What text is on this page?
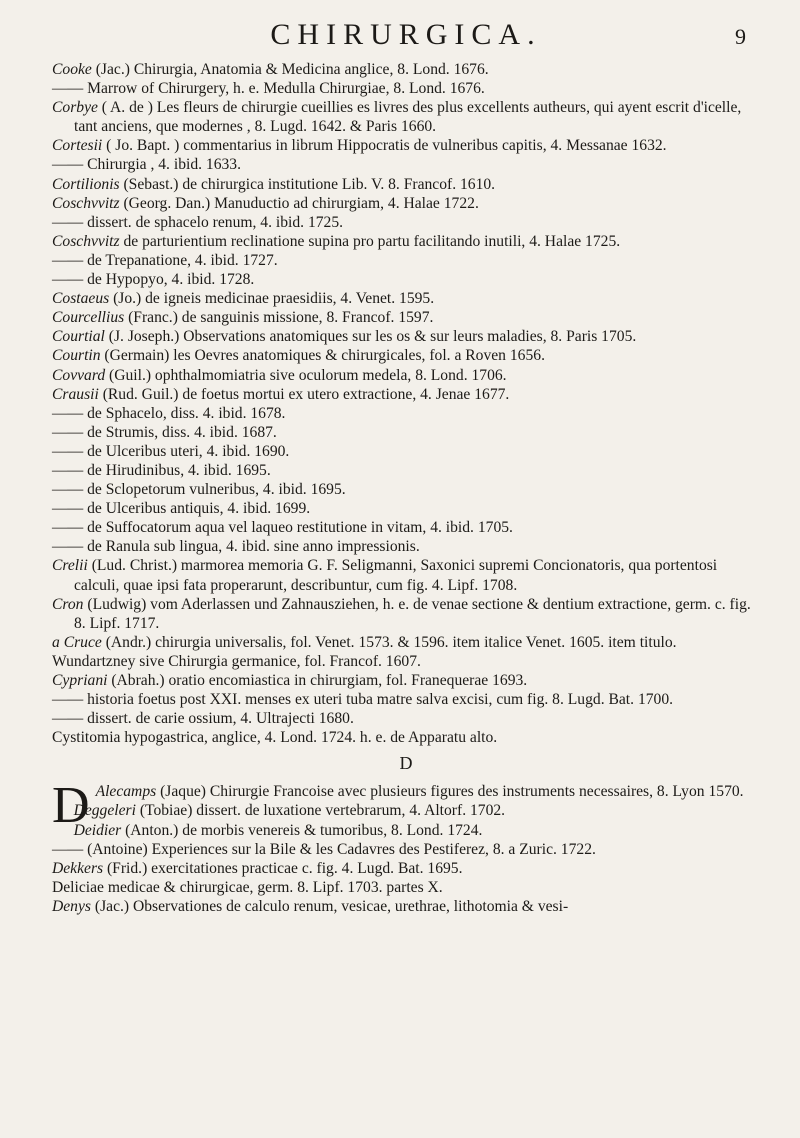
CHIRURGICA.	9

Cooke (Jac.) Chirurgia, Anatomia & Medicina anglice, 8. Lond. 1676.

—— Marrow of Chirurgery, h. e. Medulla Chirurgiae, 8. Lond. 1676.

Corbye ( A. de ) Les fleurs de chirurgie cueillies es livres des plus excellents autheurs, qui ayent escrit d'icelle, tant anciens, que modernes , 8. Lugd. 1642. & Paris 1660.

Cortesii ( Jo. Bapt. ) commentarius in librum Hippocratis de vulneribus capitis, 4. Messanae 1632.

—— Chirurgia , 4. ibid. 1633.

Cortilionis (Sebast.) de chirurgica institutione Lib. V. 8. Francof. 1610.

Coschvvitz (Georg. Dan.) Manuductio ad chirurgiam, 4. Halae 1722.

—— dissert. de sphacelo renum, 4. ibid. 1725.

Coschvvitz de parturientium reclinatione supina pro partu facilitando inutili, 4. Halae 1725.

—— de Trepanatione, 4. ibid. 1727.

—— de Hypopyo, 4. ibid. 1728.

Costaeus (Jo.) de igneis medicinae praesidiis, 4. Venet. 1595.

Courcellius (Franc.) de sanguinis missione, 8. Francof. 1597.

Courtial (J. Joseph.) Observations anatomiques sur les os & sur leurs maladies, 8. Paris 1705.

Courtin (Germain) les Oevres anatomiques & chirurgicales, fol. a Roven 1656.

Covvard (Guil.) ophthalmomiatria sive oculorum medela, 8. Lond. 1706.

Crausii (Rud. Guil.) de foetus mortui ex utero extractione, 4. Jenae 1677.

—— de Sphacelo, diss. 4. ibid. 1678.

—— de Strumis, diss. 4. ibid. 1687.

—— de Ulceribus uteri, 4. ibid. 1690.

—— de Hirudinibus, 4. ibid. 1695.

—— de Sclopetorum vulneribus, 4. ibid. 1695.

—— de Ulceribus antiquis, 4. ibid. 1699.

—— de Suffocatorum aqua vel laqueo restitutione in vitam, 4. ibid. 1705.

—— de Ranula sub lingua, 4. ibid. sine anno impressionis.

Crelii (Lud. Christ.) marmorea memoria G. F. Seligmanni, Saxonici supremi Concionatoris, qua portentosi calculi, quae ipsi fata properarunt, describuntur, cum fig. 4. Lipf. 1708.

Cron (Ludwig) vom Aderlassen und Zahnausziehen, h. e. de venae sectione & dentium extractione, germ. c. fig. 8. Lipf. 1717.

a Cruce (Andr.) chirurgia universalis, fol. Venet. 1573. & 1596. item italice Venet. 1605. item titulo.

Wundartzney sive Chirurgia germanice, fol. Francof. 1607.

Cypriani (Abrah.) oratio encomiastica in chirurgiam, fol. Franequerae 1693.

—— historia foetus post XXI. menses ex uteri tuba matre salva excisi, cum fig. 8. Lugd. Bat. 1700.

—— dissert. de carie ossium, 4. Ultrajecti 1680.

Cystitomia hypogastrica, anglice, 4. Lond. 1724. h. e. de Apparatu alto.

D

D Alecamps (Jaque) Chirurgie Francoise avec plusieurs figures des instruments necessaires, 8. Lyon 1570.

Deggeleri (Tobiae) dissert. de luxatione vertebrarum, 4. Altorf. 1702.

Deidier (Anton.) de morbis venereis & tumoribus, 8. Lond. 1724.

—— (Antoine) Experiences sur la Bile & les Cadavres des Pestiferez, 8. a Zuric. 1722.

Dekkers (Frid.) exercitationes practicae c. fig. 4. Lugd. Bat. 1695.

Deliciae medicae & chirurgicae, germ. 8. Lipf. 1703. partes X.

Denys (Jac.) Observationes de calculo renum, vesicae, urethrae, lithotomia & vesi-
